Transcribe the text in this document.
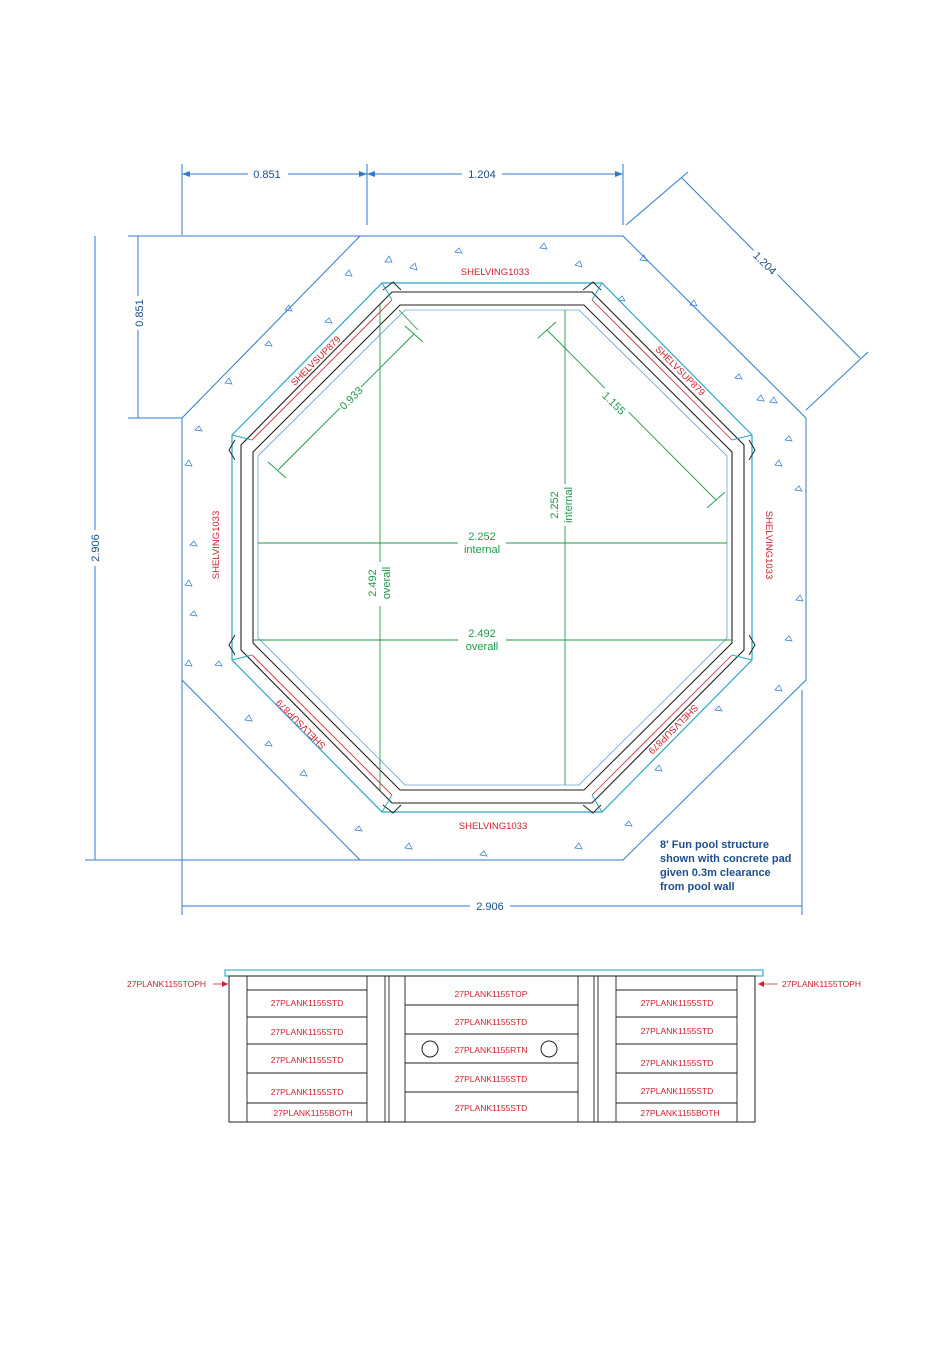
0.851	1.204
1.204
0.851
2.906
2.906
SHELVING1033
SHELVING1033
SHELVING1033	SHELVING1033
SHELVSUP879	SHELVSUP879
SHELVSUP879	SHELVSUP879
0.933	1.155
2.252 internal
2.492 overall
2.252
internal
2.492
overall
8' Fun pool structure
shown with concrete pad
given 0.3m clearance
from pool wall
27PLANK1155TOPH	27PLANK1155TOPH
27PLANK1155STD
27PLANK1155STD
27PLANK1155STD
27PLANK1155STD
27PLANK1155BOTH
27PLANK1155TOP
27PLANK1155STD
27PLANK1155RTN
27PLANK1155STD
27PLANK1155STD
27PLANK1155STD
27PLANK1155STD
27PLANK1155STD
27PLANK1155STD
27PLANK1155BOTH
